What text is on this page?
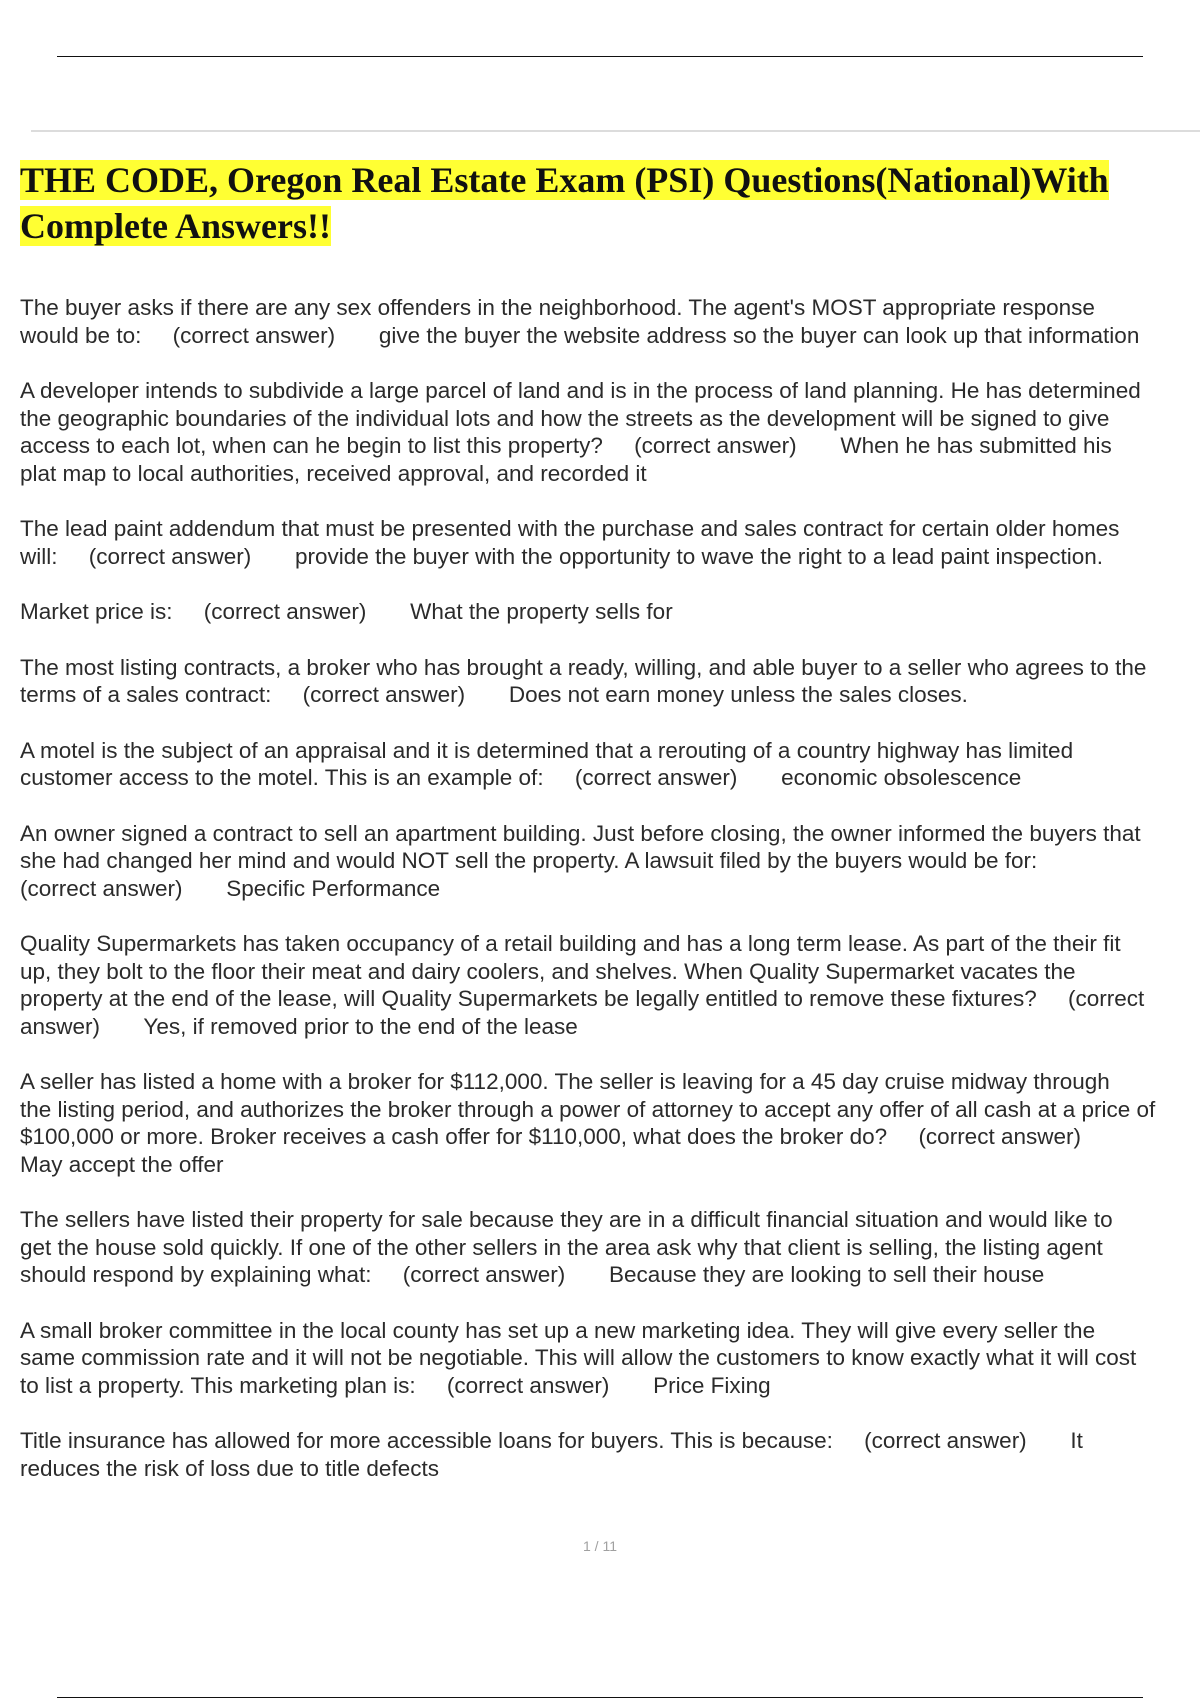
THE CODE, Oregon Real Estate Exam (PSI) Questions(National)With
Complete Answers!!

The buyer asks if there are any sex offenders in the neighborhood. The agent's MOST appropriate response
would be to:     (correct answer)       give the buyer the website address so the buyer can look up that information

A developer intends to subdivide a large parcel of land and is in the process of land planning. He has determined
the geographic boundaries of the individual lots and how the streets as the development will be signed to give
access to each lot, when can he begin to list this property?     (correct answer)       When he has submitted his
plat map to local authorities, received approval, and recorded it

The lead paint addendum that must be presented with the purchase and sales contract for certain older homes
will:     (correct answer)       provide the buyer with the opportunity to wave the right to a lead paint inspection.

Market price is:     (correct answer)       What the property sells for

The most listing contracts, a broker who has brought a ready, willing, and able buyer to a seller who agrees to the
terms of a sales contract:     (correct answer)       Does not earn money unless the sales closes.

A motel is the subject of an appraisal and it is determined that a rerouting of a country highway has limited
customer access to the motel. This is an example of:     (correct answer)       economic obsolescence

An owner signed a contract to sell an apartment building. Just before closing, the owner informed the buyers that
she had changed her mind and would NOT sell the property. A lawsuit filed by the buyers would be for:
(correct answer)       Specific Performance

Quality Supermarkets has taken occupancy of a retail building and has a long term lease. As part of the their fit
up, they bolt to the floor their meat and dairy coolers, and shelves. When Quality Supermarket vacates the
property at the end of the lease, will Quality Supermarkets be legally entitled to remove these fixtures?     (correct
answer)       Yes, if removed prior to the end of the lease

A seller has listed a home with a broker for $112,000. The seller is leaving for a 45 day cruise midway through
the listing period, and authorizes the broker through a power of attorney to accept any offer of all cash at a price of
$100,000 or more. Broker receives a cash offer for $110,000, what does the broker do?     (correct answer)
May accept the offer

The sellers have listed their property for sale because they are in a difficult financial situation and would like to
get the house sold quickly. If one of the other sellers in the area ask why that client is selling, the listing agent
should respond by explaining what:     (correct answer)       Because they are looking to sell their house

A small broker committee in the local county has set up a new marketing idea. They will give every seller the
same commission rate and it will not be negotiable. This will allow the customers to know exactly what it will cost
to list a property. This marketing plan is:     (correct answer)       Price Fixing

Title insurance has allowed for more accessible loans for buyers. This is because:     (correct answer)       It
reduces the risk of loss due to title defects

1 / 11
